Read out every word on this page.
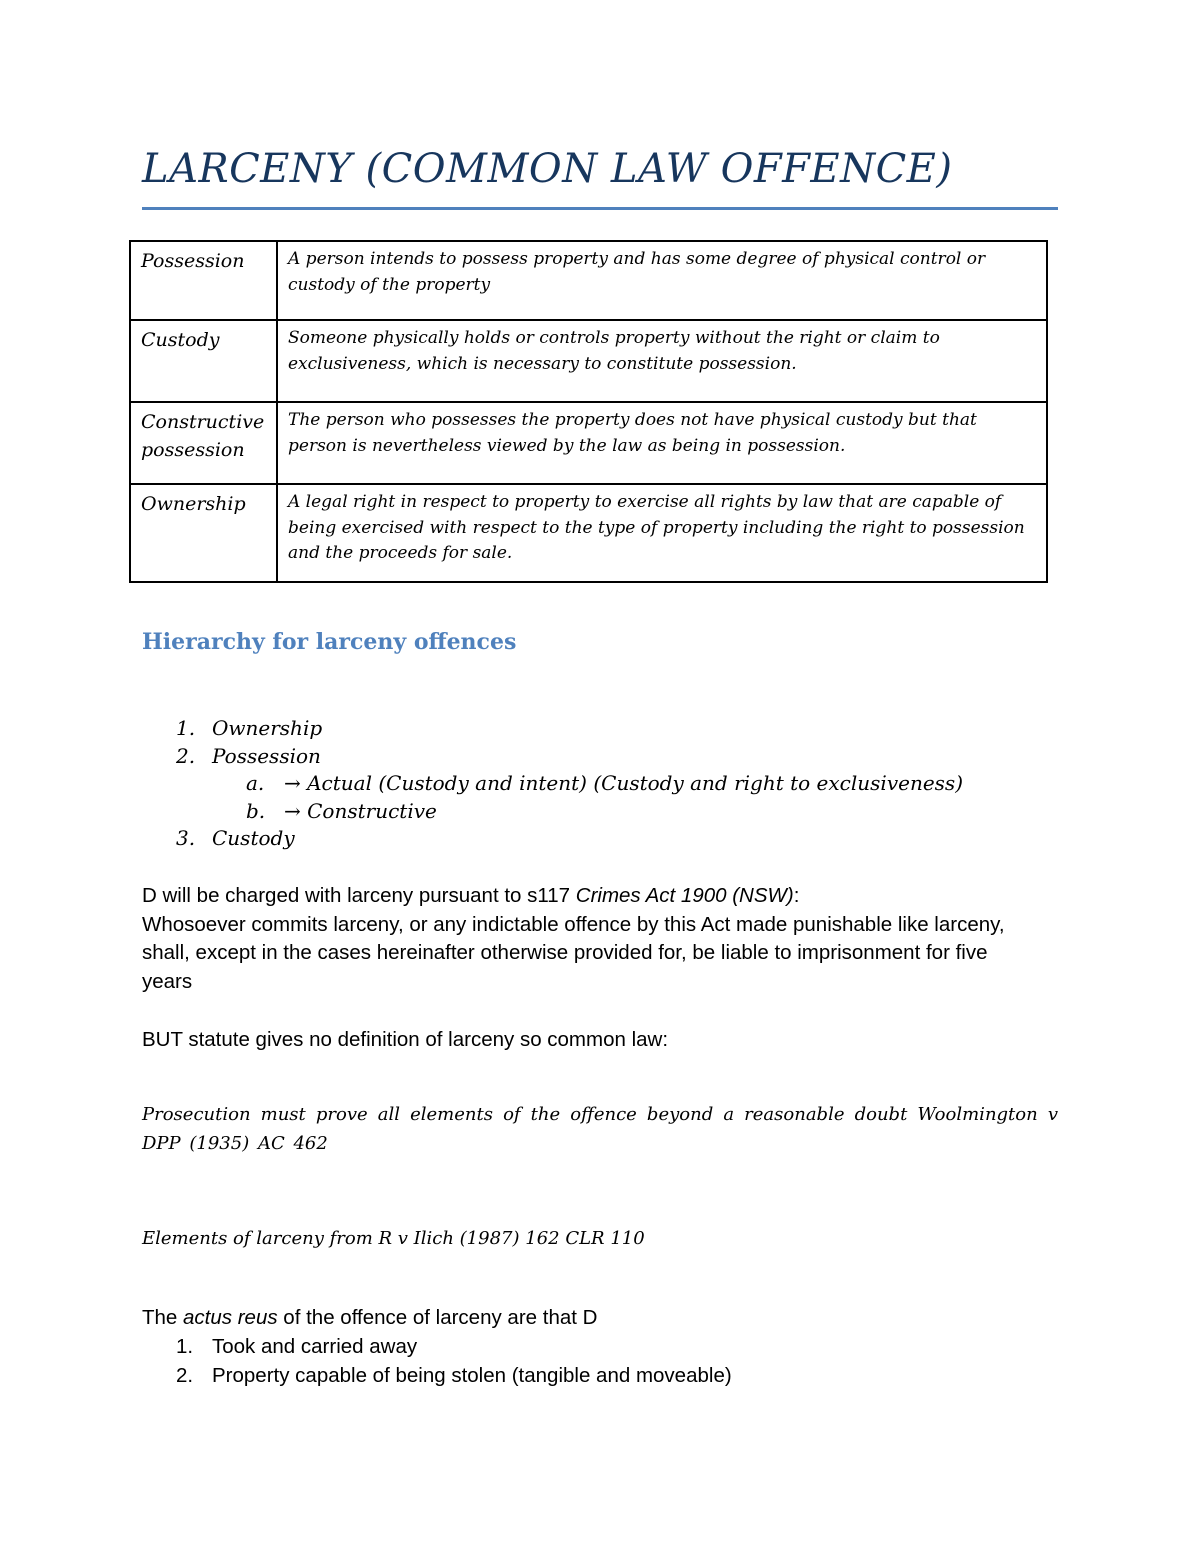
LARCENY (COMMON LAW OFFENCE)
Possession	A person intends to possess property and has some degree of physical control or custody of the property
Custody	Someone physically holds or controls property without the right or claim to exclusiveness, which is necessary to constitute possession.
Constructive possession	The person who possesses the property does not have physical custody but that person is nevertheless viewed by the law as being in possession.
Ownership	A legal right in respect to property to exercise all rights by law that are capable of being exercised with respect to the type of property including the right to possession and the proceeds for sale.
Hierarchy for larceny offences
1. Ownership
2. Possession
a. → Actual (Custody and intent) (Custody and right to exclusiveness)
b. → Constructive
3. Custody

D will be charged with larceny pursuant to s117 Crimes Act 1900 (NSW):

Whosoever commits larceny, or any indictable offence by this Act made punishable like larceny,

shall, except in the cases hereinafter otherwise provided for, be liable to imprisonment for five

years

BUT statute gives no definition of larceny so common law:
Prosecution must prove all elements of the offence beyond a reasonable doubt Woolmington v DPP (1935) AC 462
Elements of larceny from R v Ilich (1987) 162 CLR 110
The actus reus of the offence of larceny are that D
1. Took and carried away
2. Property capable of being stolen (tangible and moveable)
